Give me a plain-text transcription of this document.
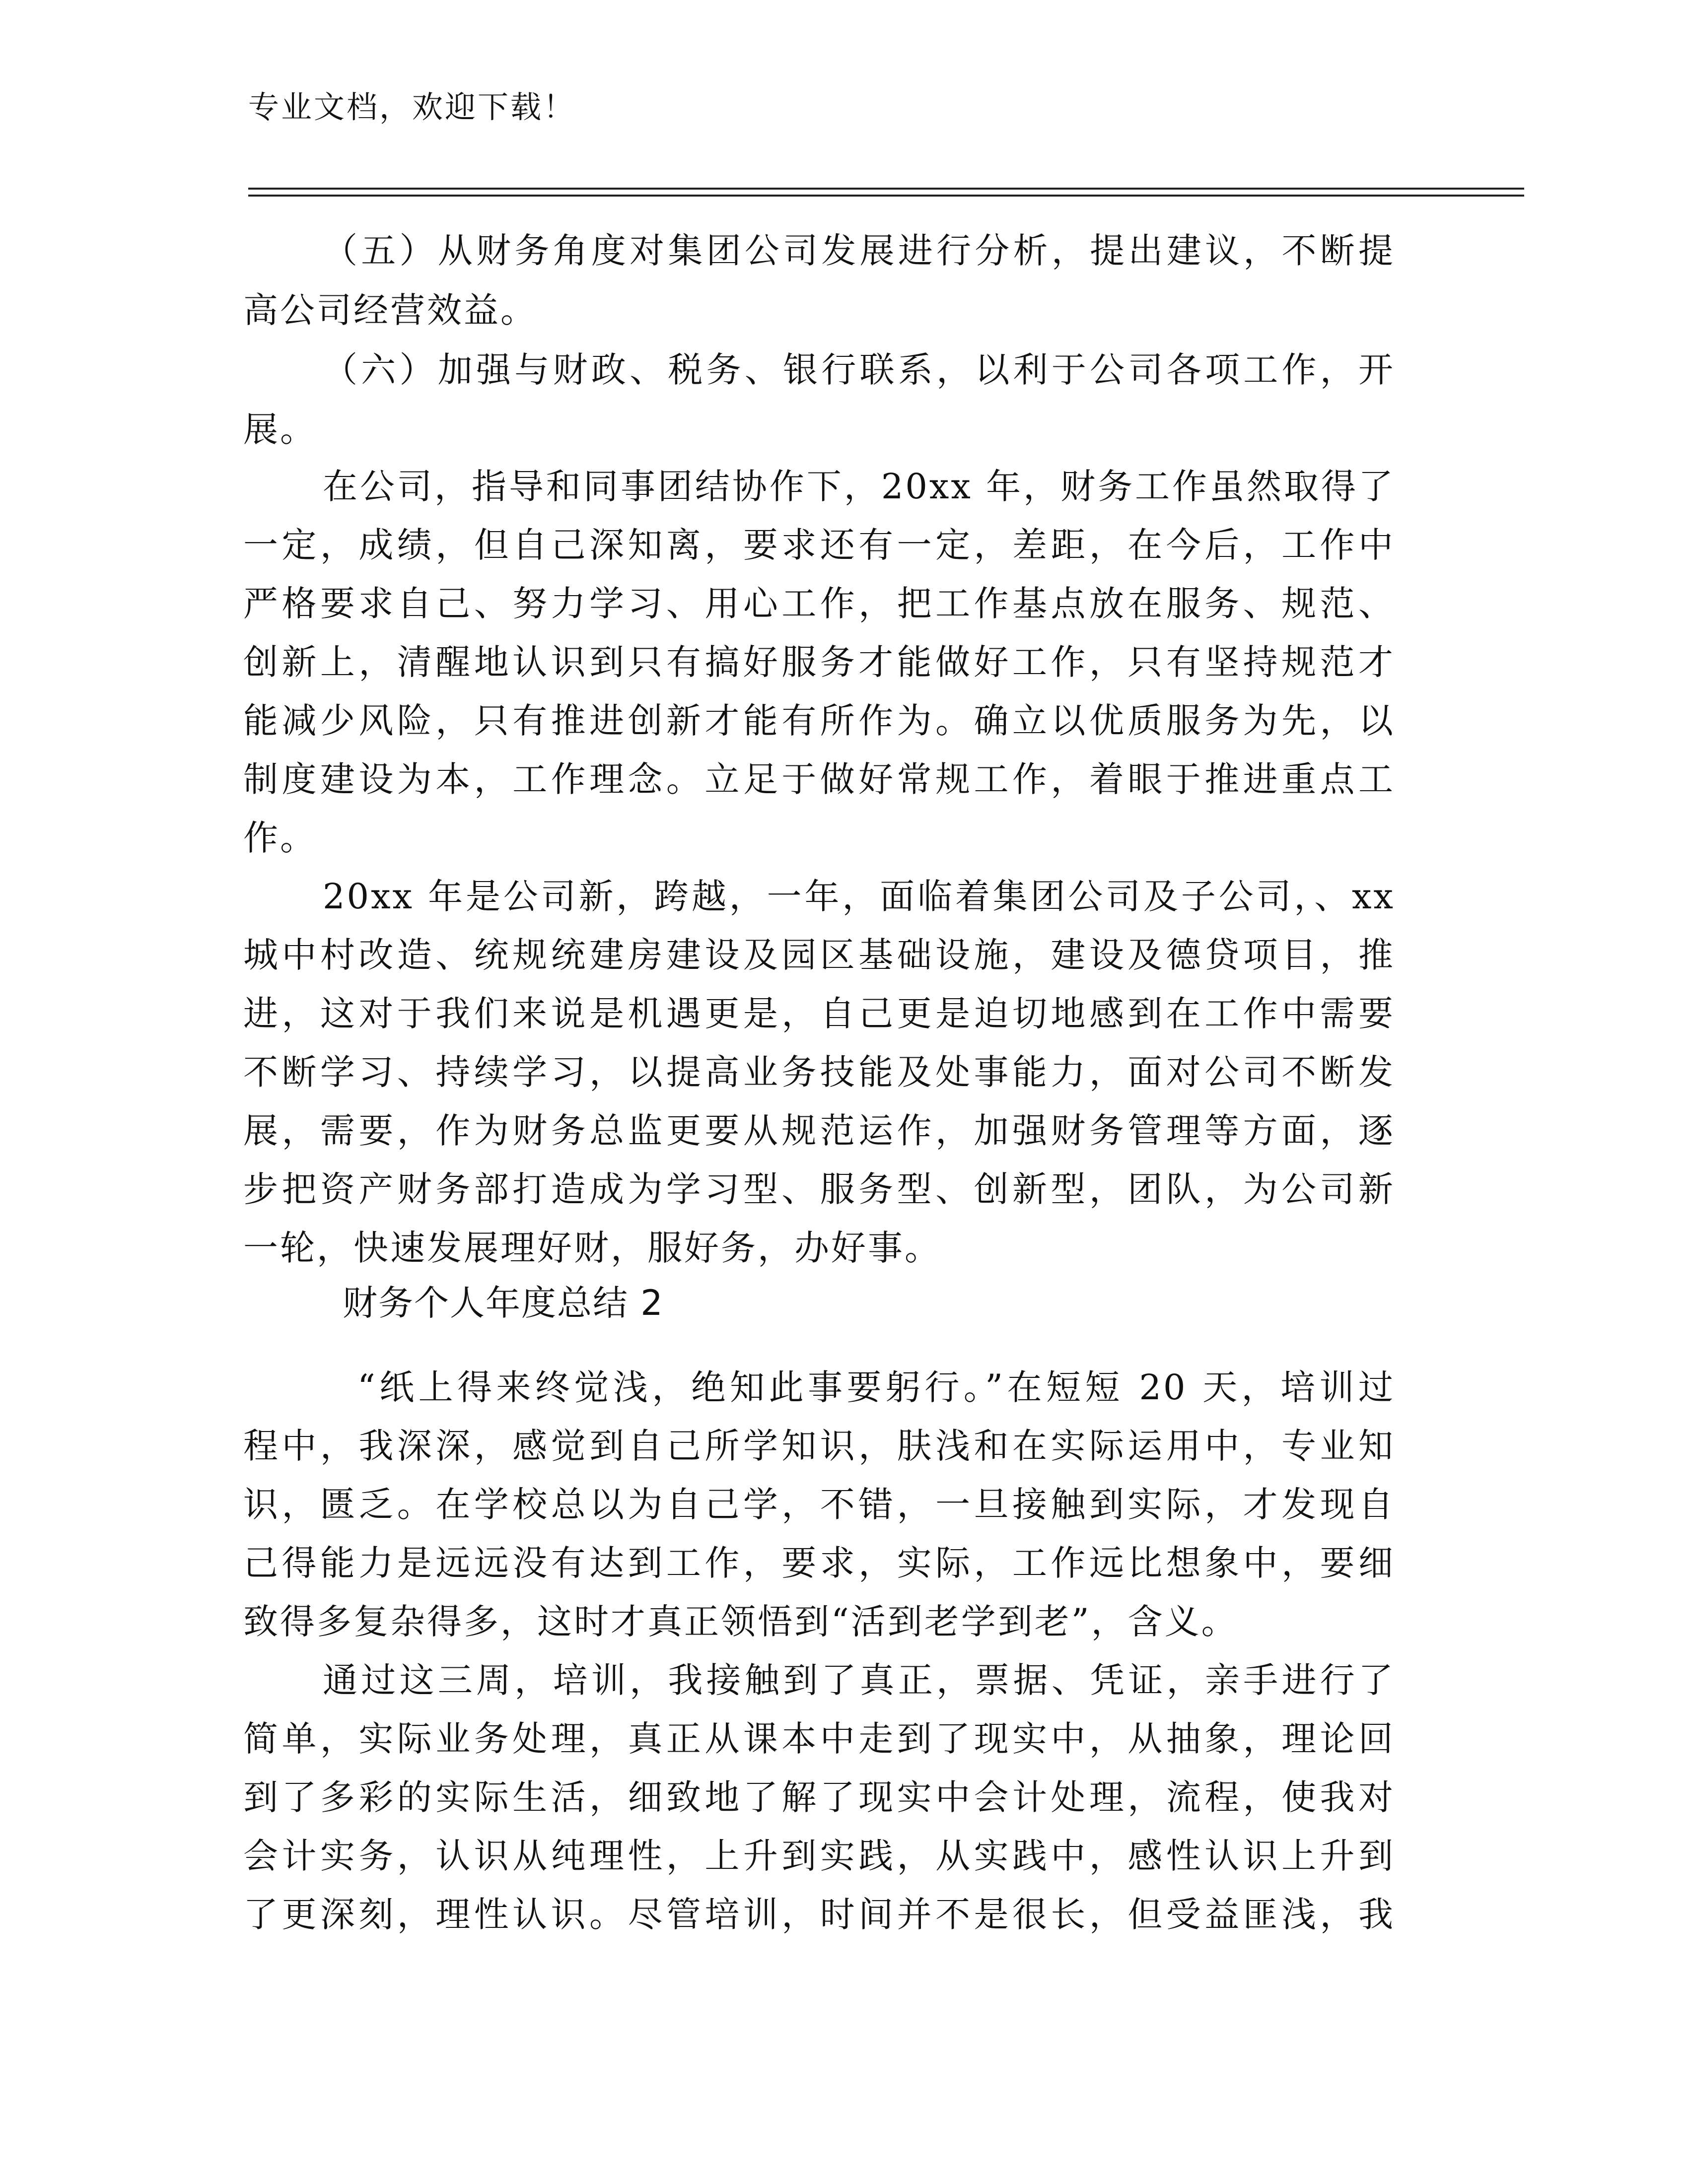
专业文档，欢迎下载！
（五）从财务角度对集团公司发展进行分析，提出建议，不断提
高公司经营效益。
（六）加强与财政、税务、银行联系，以利于公司各项工作，开
展。
在公司，指导和同事团结协作下，20xx 年，财务工作虽然取得了
一定，成绩，但自己深知离，要求还有一定，差距，在今后，工作中
严格要求自己、努力学习、用心工作，把工作基点放在服务、规范、
创新上，清醒地认识到只有搞好服务才能做好工作，只有坚持规范才
能减少风险，只有推进创新才能有所作为。确立以优质服务为先，以
制度建设为本，工作理念。立足于做好常规工作，着眼于推进重点工
作。
20xx 年是公司新，跨越，一年，面临着集团公司及子公司，、xx
城中村改造、统规统建房建设及园区基础设施，建设及德贷项目，推
进，这对于我们来说是机遇更是，自己更是迫切地感到在工作中需要
不断学习、持续学习，以提高业务技能及处事能力，面对公司不断发
展，需要，作为财务总监更要从规范运作，加强财务管理等方面，逐
步把资产财务部打造成为学习型、服务型、创新型，团队，为公司新
一轮，快速发展理好财，服好务，办好事。
财务个人年度总结 2
“纸上得来终觉浅，绝知此事要躬行。”在短短 20 天，培训过
程中，我深深，感觉到自己所学知识，肤浅和在实际运用中，专业知
识，匮乏。在学校总以为自己学，不错，一旦接触到实际，才发现自
己得能力是远远没有达到工作，要求，实际，工作远比想象中，要细
致得多复杂得多，这时才真正领悟到“活到老学到老”，含义。
通过这三周，培训，我接触到了真正，票据、凭证，亲手进行了
简单，实际业务处理，真正从课本中走到了现实中，从抽象，理论回
到了多彩的实际生活，细致地了解了现实中会计处理，流程，使我对
会计实务，认识从纯理性，上升到实践，从实践中，感性认识上升到
了更深刻，理性认识。尽管培训，时间并不是很长，但受益匪浅，我
